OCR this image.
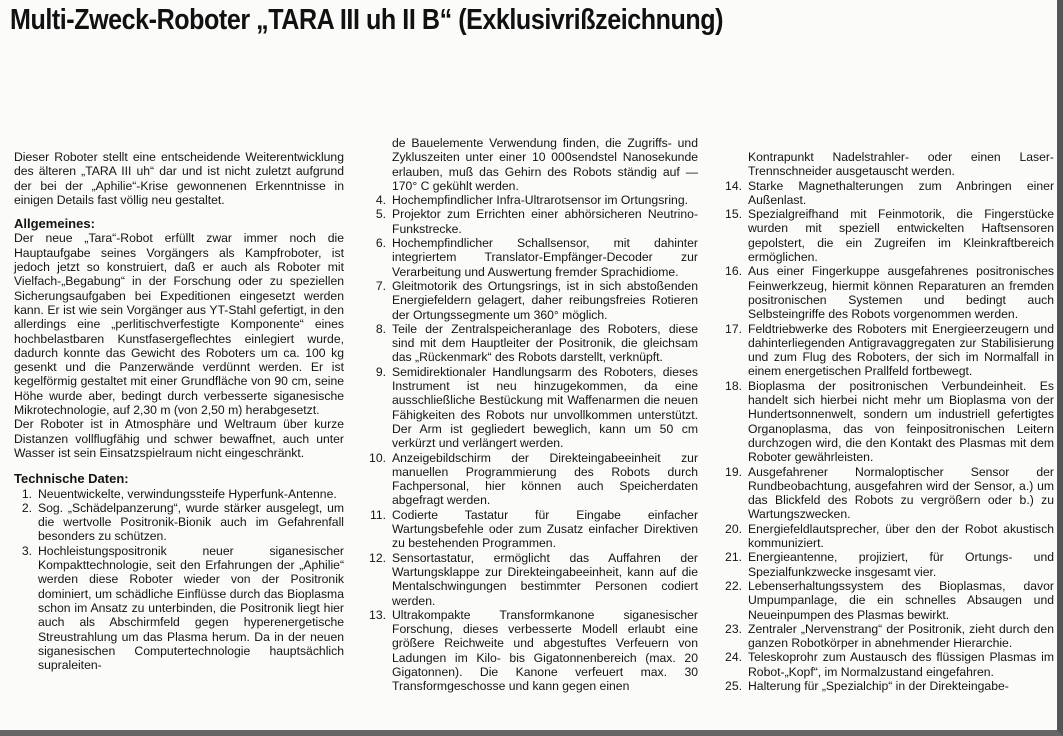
Multi-Zweck-Roboter „TARA III uh II B“ (Exklusivrißzeichnung)

Dieser Roboter stellt eine entscheidende Weiterentwicklung des älteren „TARA III uh“ dar und ist nicht zuletzt aufgrund der bei der „Aphilie“-Krise gewonnenen Erkenntnisse in einigen Details fast völlig neu gestaltet.

Allgemeines:

Der neue „Tara“-Robot erfüllt zwar immer noch die Hauptaufgabe seines Vorgängers als Kampfroboter, ist jedoch jetzt so konstruiert, daß er auch als Roboter mit Vielfach-„Begabung“ in der Forschung oder zu speziellen Sicherungsaufgaben bei Expeditionen eingesetzt werden kann. Er ist wie sein Vorgänger aus YT-Stahl gefertigt, in den allerdings eine „perlitischverfestigte Komponente“ eines hochbelastbaren Kunstfasergeflechtes einlegiert wurde, dadurch konnte das Gewicht des Roboters um ca. 100 kg gesenkt und die Panzerwände verdünnt werden. Er ist kegelförmig gestaltet mit einer Grundfläche von 90 cm, seine Höhe wurde aber, bedingt durch verbesserte siganesische Mikrotechnologie, auf 2,30 m (von 2,50 m) herabgesetzt.

Der Roboter ist in Atmosphäre und Weltraum über kurze Distanzen vollflugfähig und schwer bewaffnet, auch unter Wasser ist sein Einsatzspielraum nicht eingeschränkt.

Technische Daten:
1. Neuentwickelte, verwindungssteife Hyperfunk-Antenne.
2. Sog. „Schädelpanzerung“, wurde stärker ausgelegt, um die wertvolle Positronik-Bionik auch im Gefahrenfall besonders zu schützen.
3. Hochleistungspositronik neuer siganesischer Kompakttechnologie, seit den Erfahrungen der „Aphilie“ werden diese Roboter wieder von der Positronik dominiert, um schädliche Einflüsse durch das Bioplasma schon im Ansatz zu unterbinden, die Positronik liegt hier auch als Abschirmfeld gegen hyperenergetische Streustrahlung um das Plasma herum. Da in der neuen siganesischen Computertechnologie hauptsächlich supraleiten-
de Bauelemente Verwendung finden, die Zugriffs- und Zykluszeiten unter einer 10 000sendstel Nanosekunde erlauben, muß das Gehirn des Robots ständig auf — 170° C gekühlt werden.
4. Hochempfindlicher Infra-Ultrarotsensor im Ortungsring.
5. Projektor zum Errichten einer abhörsicheren Neutrino-Funkstrecke.
6. Hochempfindlicher Schallsensor, mit dahinter integriertem Translator-Empfänger-Decoder zur Verarbeitung und Auswertung fremder Sprachidiome.
7. Gleitmotorik des Ortungsrings, ist in sich abstoßenden Energiefeldern gelagert, daher reibungsfreies Rotieren der Ortungssegmente um 360° möglich.
8. Teile der Zentralspeicheranlage des Roboters, diese sind mit dem Hauptleiter der Positronik, die gleichsam das „Rückenmark“ des Robots darstellt, verknüpft.
9. Semidirektionaler Handlungsarm des Roboters, dieses Instrument ist neu hinzugekommen, da eine ausschließliche Bestückung mit Waffenarmen die neuen Fähigkeiten des Robots nur unvollkommen unterstützt. Der Arm ist gegliedert beweglich, kann um 50 cm verkürzt und verlängert werden.
10. Anzeigebildschirm der Direkteingabeeinheit zur manuellen Programmierung des Robots durch Fachpersonal, hier können auch Speicherdaten abgefragt werden.
11. Codierte Tastatur für Eingabe einfacher Wartungsbefehle oder zum Zusatz einfacher Direktiven zu bestehenden Programmen.
12. Sensortastatur, ermöglicht das Auffahren der Wartungsklappe zur Direkteingabeeinheit, kann auf die Mentalschwingungen bestimmter Personen codiert werden.
13. Ultrakompakte Transformkanone siganesischer Forschung, dieses verbesserte Modell erlaubt eine größere Reichweite und abgestuftes Verfeuern von Ladungen im Kilo- bis Gigatonnenbereich (max. 20 Gigatonnen). Die Kanone verfeuert max. 30 Transformgeschosse und kann gegen einen
Kontrapunkt Nadelstrahler- oder einen Laser-Trennschneider ausgetauscht werden.
14. Starke Magnethalterungen zum Anbringen einer Außenlast.
15. Spezialgreifhand mit Feinmotorik, die Fingerstücke wurden mit speziell entwickelten Haftsensoren gepolstert, die ein Zugreifen im Kleinkraftbereich ermöglichen.
16. Aus einer Fingerkuppe ausgefahrenes positronisches Feinwerkzeug, hiermit können Reparaturen an fremden positronischen Systemen und bedingt auch Selbsteingriffe des Robots vorgenommen werden.
17. Feldtriebwerke des Roboters mit Energieerzeugern und dahinterliegenden Antigravaggregaten zur Stabilisierung und zum Flug des Roboters, der sich im Normalfall in einem energetischen Prallfeld fortbewegt.
18. Bioplasma der positronischen Verbundeinheit. Es handelt sich hierbei nicht mehr um Bioplasma von der Hundertsonnenwelt, sondern um industriell gefertigtes Organoplasma, das von feinpositronischen Leitern durchzogen wird, die den Kontakt des Plasmas mit dem Roboter gewährleisten.
19. Ausgefahrener Normaloptischer Sensor der Rundbeobachtung, ausgefahren wird der Sensor, a.) um das Blickfeld des Robots zu vergrößern oder b.) zu Wartungszwecken.
20. Energiefeldlautsprecher, über den der Robot akustisch kommuniziert.
21. Energieantenne, projiziert, für Ortungs- und Spezialfunkzwecke insgesamt vier.
22. Lebenserhaltungssystem des Bioplasmas, davor Umpumpanlage, die ein schnelles Absaugen und Neueinpumpen des Plasmas bewirkt.
23. Zentraler „Nervenstrang“ der Positronik, zieht durch den ganzen Robotkörper in abnehmender Hierarchie.
24. Teleskoprohr zum Austausch des flüssigen Plasmas im Robot-„Kopf“, im Normalzustand eingefahren.
25. Halterung für „Spezialchip“ in der Direkteingabe-
